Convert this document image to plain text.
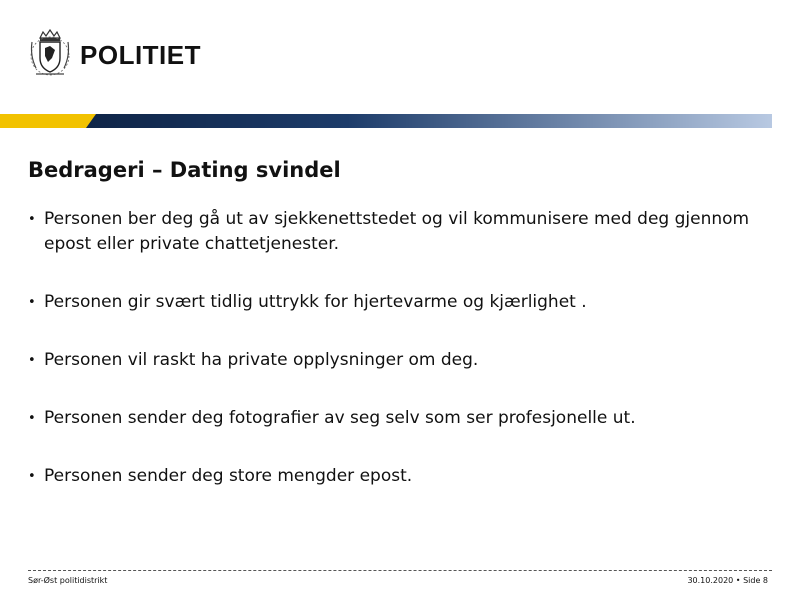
POLITIET
Bedrageri – Dating svindel
• Personen ber deg gå ut av sjekkenettstedet og vil kommunisere med deg gjennom epost eller private chattetjenester.
• Personen gir svært tidlig uttrykk for hjertevarme og kjærlighet .
• Personen vil raskt ha private opplysninger om deg.
• Personen sender deg fotografier av seg selv som ser profesjonelle ut.
• Personen sender deg store mengder epost.
Sør-Øst politidistrikt	30.10.2020 • Side 8
